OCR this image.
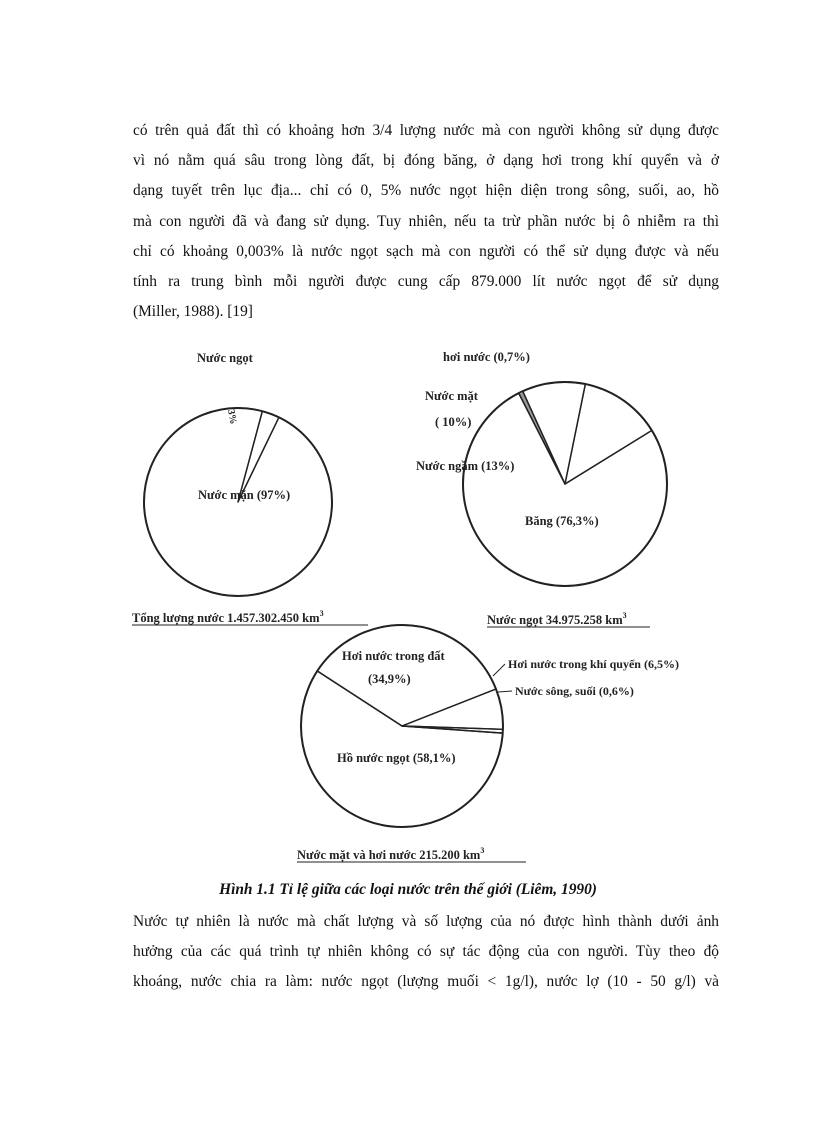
có trên quả đất thì có khoảng hơn 3/4 lượng nước mà con người không sử dụng được
vì nó nằm quá sâu trong lòng đất, bị đóng băng, ở dạng hơi trong khí quyển và ở
dạng tuyết trên lục địa... chỉ có 0, 5% nước ngọt hiện diện trong sông, suối, ao, hồ
mà con người đã và đang sử dụng. Tuy nhiên, nếu ta trừ phần nước bị ô nhiễm ra thì
chỉ có khoảng 0,003% là nước ngọt sạch mà con người có thể sử dụng được và nếu
tính ra trung bình mỗi người được cung cấp 879.000 lít nước ngọt để sử dụng
(Miller, 1988). [19]
Nước ngọt
3%
Nước mặn (97%)
Tổng lượng nước 1.457.302.450 $km^3$
hơi nước (0,7%)
Nước mặt
( 10%)
Nước ngầm (13%)
Băng (76,3%)
Nước ngọt 34.975.258 $km^3$
Hơi nước trong đất
(34,9%)
Hơi nước trong khí quyển (6,5%)
Nước sông, suối (0,6%)
Hồ nước ngọt (58,1%)
Nước mặt và hơi nước 215.200 $km^3$

Hình 1.1 Tỉ lệ giữa các loại nước trên thế giới (Liêm, 1990)

Nước tự nhiên là nước mà chất lượng và số lượng của nó được hình thành dưới ảnh
hưởng của các quá trình tự nhiên không có sự tác động của con người. Tùy theo độ
khoáng, nước chia ra làm: nước ngọt (lượng muối < 1g/l), nước lợ (10 - 50 g/l) và
